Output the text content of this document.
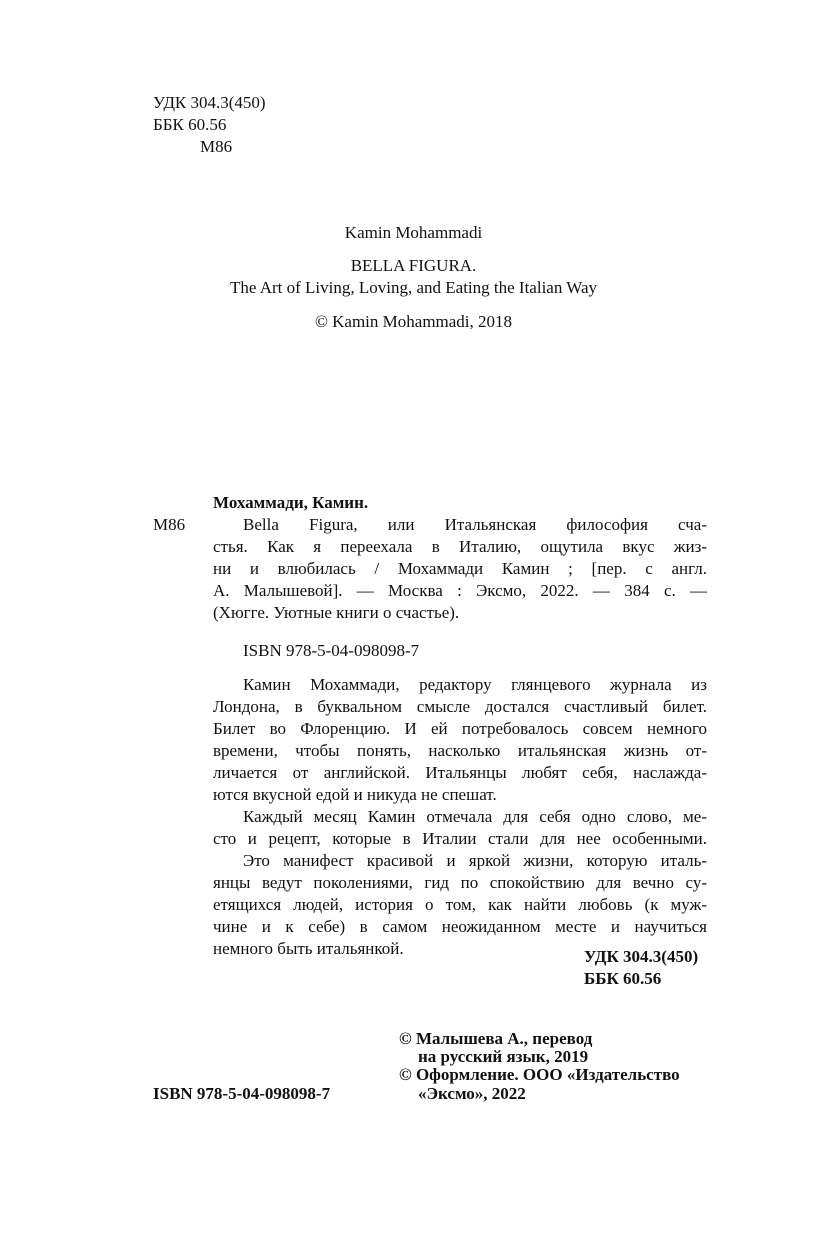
УДК 304.3(450)
ББК 60.56
М86
Kamin Mohammadi
BELLA FIGURA.
The Art of Living, Loving, and Eating the Italian Way
© Kamin Mohammadi, 2018
Мохаммади, Камин.
М86	Bella Figura, или Итальянская философия сча-
стья. Как я переехала в Италию, ощутила вкус жиз-
ни и влюбилась / Мохаммади Камин ; [пер. с англ.
А. Малышевой]. — Москва : Эксмо, 2022. — 384 с. —
(Хюгге. Уютные книги о счастье).
ISBN 978-5-04-098098-7
Камин Мохаммади, редактору глянцевого журнала из
Лондона, в буквальном смысле достался счастливый билет.
Билет во Флоренцию. И ей потребовалось совсем немного
времени, чтобы понять, насколько итальянская жизнь от-
личается от английской. Итальянцы любят себя, наслажда-
ются вкусной едой и никуда не спешат.
Каждый месяц Камин отмечала для себя одно слово, ме-
сто и рецепт, которые в Италии стали для нее особенными.
Это манифест красивой и яркой жизни, которую италь-
янцы ведут поколениями, гид по спокойствию для вечно су-
етящихся людей, история о том, как найти любовь (к муж-
чине и к себе) в самом неожиданном месте и научиться
немного быть итальянкой.	УДК 304.3(450)
ББК 60.56
© Малышева А., перевод
на русский язык, 2019
© Оформление. ООО «Издательство
ISBN 978-5-04-098098-7	«Эксмо», 2022
